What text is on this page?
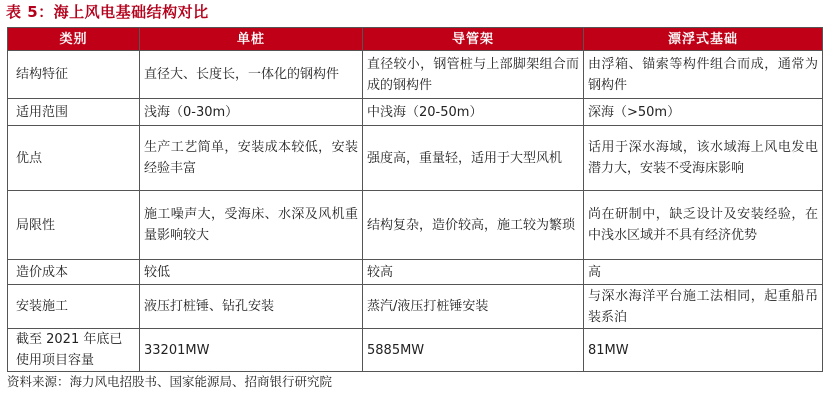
表 5：海上风电基础结构对比
类别	单桩	导管架	漂浮式基础
结构特征	直径大、长度长，一体化的钢构件	直径较小，钢管桩与上部脚架组合而成的钢构件	由浮箱、锚索等构件组合而成，通常为钢构件
适用范围	浅海（0-30m）	中浅海（20-50m）	深海（>50m）
优点	生产工艺简单，安装成本较低，安装经验丰富	强度高，重量轻，适用于大型风机	话用于深水海域，该水域海上风电发电潜力大，安装不受海床影响
局限性	施工噪声大，受海床、水深及风机重量影响较大	结构复杂，造价较高，施工较为繁琐	尚在研制中，缺乏设计及安装经验，在中浅水区域并不具有经济优势
造价成本	较低	较高	高
安装施工	液压打桩锤、钻孔安装	蒸汽/液压打桩锤安装	与深水海洋平台施工法相同，起重船吊装系泊
截至 2021 年底已使用项目容量	33201MW	5885MW	81MW
资料来源：海力风电招股书、国家能源局、招商银行研究院
